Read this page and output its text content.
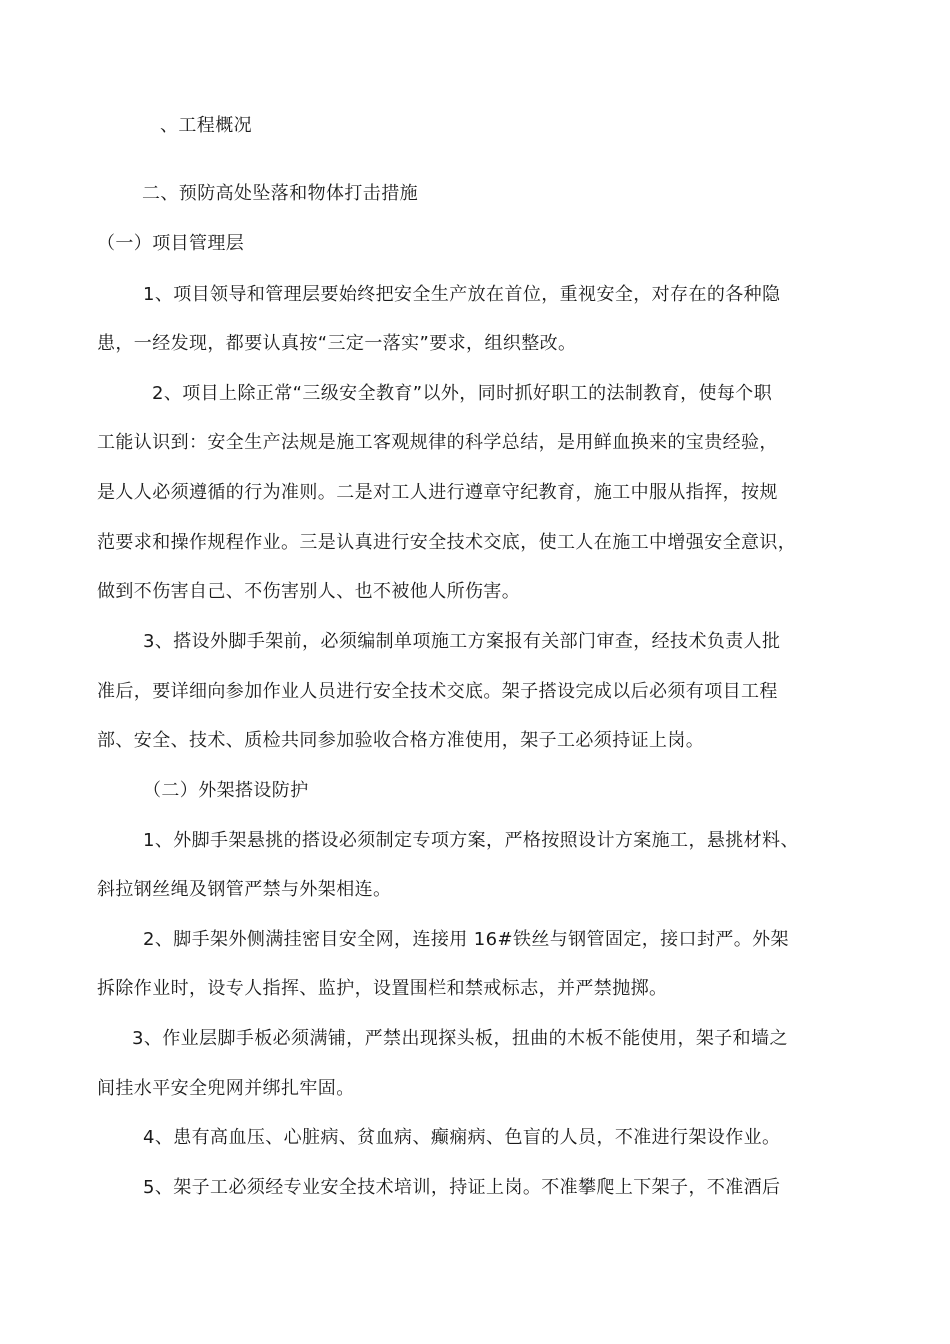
、工程概况
二、预防高处坠落和物体打击措施
（一）项目管理层
1、项目领导和管理层要始终把安全生产放在首位，重视安全，对存在的各种隐
患，一经发现，都要认真按“三定一落实”要求，组织整改。
2、项目上除正常“三级安全教育”以外，同时抓好职工的法制教育，使每个职
工能认识到：安全生产法规是施工客观规律的科学总结，是用鲜血换来的宝贵经验，
是人人必须遵循的行为准则。二是对工人进行遵章守纪教育，施工中服从指挥，按规
范要求和操作规程作业。三是认真进行安全技术交底，使工人在施工中增强安全意识，
做到不伤害自己、不伤害别人、也不被他人所伤害。
3、搭设外脚手架前，必须编制单项施工方案报有关部门审查，经技术负责人批
准后，要详细向参加作业人员进行安全技术交底。架子搭设完成以后必须有项目工程
部、安全、技术、质检共同参加验收合格方准使用，架子工必须持证上岗。
（二）外架搭设防护
1、外脚手架悬挑的搭设必须制定专项方案，严格按照设计方案施工，悬挑材料、
斜拉钢丝绳及钢管严禁与外架相连。
2、脚手架外侧满挂密目安全网，连接用 16#铁丝与钢管固定，接口封严。外架
拆除作业时，设专人指挥、监护，设置围栏和禁戒标志，并严禁抛掷。
3、作业层脚手板必须满铺，严禁出现探头板，扭曲的木板不能使用，架子和墙之
间挂水平安全兜网并绑扎牢固。
4、患有高血压、心脏病、贫血病、癫痫病、色盲的人员，不准进行架设作业。
5、架子工必须经专业安全技术培训，持证上岗。不准攀爬上下架子，不准酒后
